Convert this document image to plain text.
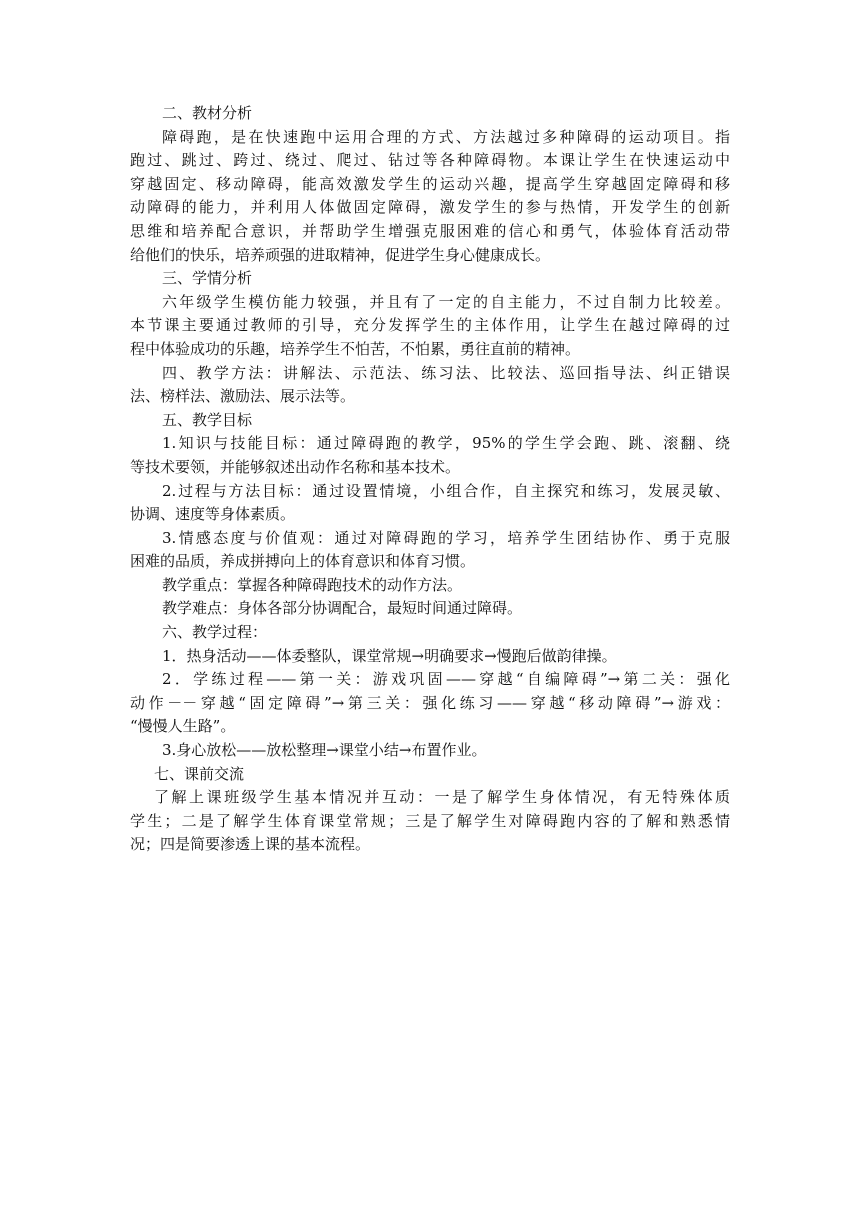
二、教材分析
障碍跑，是在快速跑中运用合理的方式、方法越过多种障碍的运动项目。指
跑过、跳过、跨过、绕过、爬过、钻过等各种障碍物。本课让学生在快速运动中
穿越固定、移动障碍，能高效激发学生的运动兴趣，提高学生穿越固定障碍和移
动障碍的能力，并利用人体做固定障碍，激发学生的参与热情，开发学生的创新
思维和培养配合意识，并帮助学生增强克服困难的信心和勇气，体验体育活动带
给他们的快乐，培养顽强的进取精神，促进学生身心健康成长。
三、学情分析
六年级学生模仿能力较强，并且有了一定的自主能力，不过自制力比较差。
本节课主要通过教师的引导，充分发挥学生的主体作用，让学生在越过障碍的过
程中体验成功的乐趣，培养学生不怕苦，不怕累，勇往直前的精神。
四、教学方法：讲解法、示范法、练习法、比较法、巡回指导法、纠正错误
法、榜样法、激励法、展示法等。
五、教学目标
1.知识与技能目标：通过障碍跑的教学，95%的学生学会跑、跳、滚翻、绕
等技术要领，并能够叙述出动作名称和基本技术。
2.过程与方法目标：通过设置情境，小组合作，自主探究和练习，发展灵敏、
协调、速度等身体素质。
3.情感态度与价值观：通过对障碍跑的学习，培养学生团结协作、勇于克服
困难的品质，养成拼搏向上的体育意识和体育习惯。
教学重点：掌握各种障碍跑技术的动作方法。
教学难点：身体各部分协调配合，最短时间通过障碍。
六、教学过程：
1．热身活动——体委整队，课堂常规→明确要求→慢跑后做韵律操。
2．学练过程——第一关：游戏巩固——穿越“自编障碍”→第二关：强化
动作－－穿越“固定障碍”→第三关：强化练习——穿越“移动障碍”→游戏：
“慢慢人生路”。
3.身心放松——放松整理→课堂小结→布置作业。
七、课前交流
了解上课班级学生基本情况并互动：一是了解学生身体情况，有无特殊体质
学生；二是了解学生体育课堂常规；三是了解学生对障碍跑内容的了解和熟悉情
况；四是简要渗透上课的基本流程。
